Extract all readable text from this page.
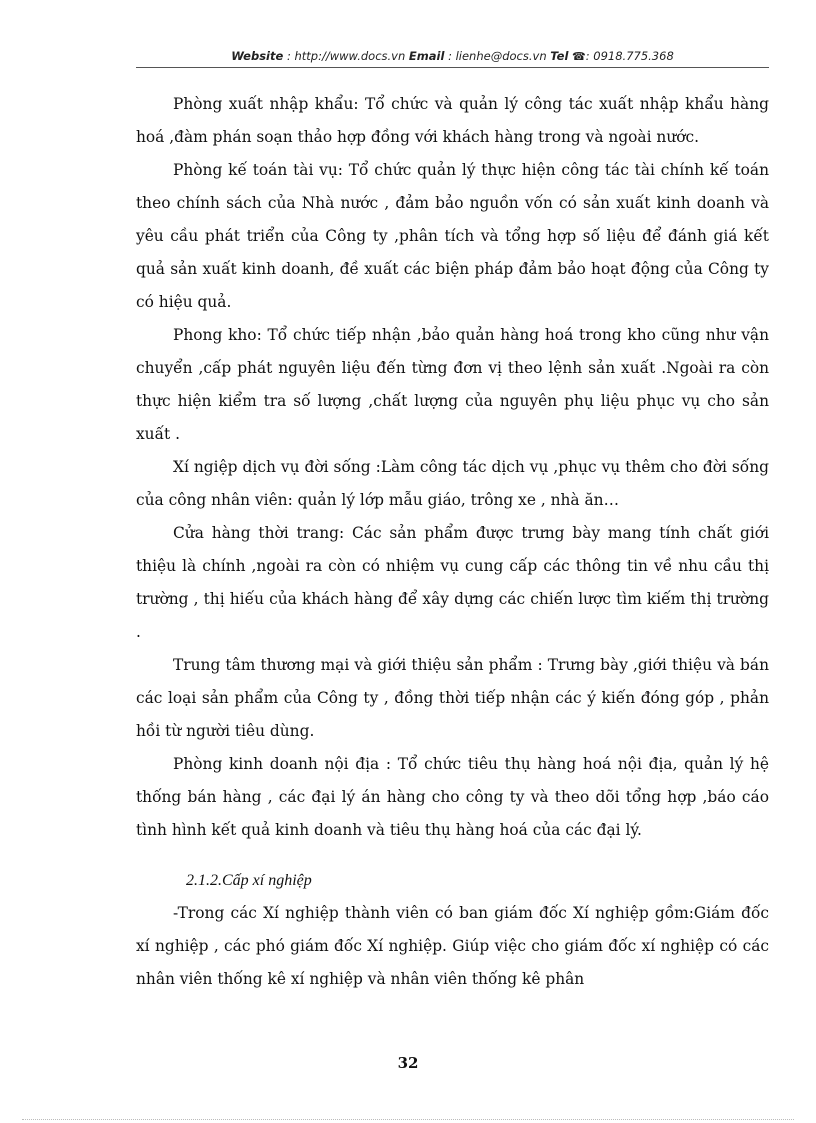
Website : http://www.docs.vn Email : lienhe@docs.vn Tel ☎: 0918.775.368

Phòng xuất nhập khẩu: Tổ chức và quản lý công tác xuất nhập khẩu hàng hoá ,đàm phán soạn thảo hợp đồng với khách hàng trong và ngoài nước.

Phòng kế toán tài vụ: Tổ chức quản lý thực hiện công tác tài chính kế toán theo chính sách của Nhà nước , đảm bảo nguồn vốn có sản xuất kinh doanh và yêu cầu phát triển của Công ty ,phân tích và tổng hợp số liệu để đánh giá kết quả sản xuất kinh doanh, đề xuất các biện pháp đảm bảo hoạt động của Công ty có hiệu quả.

Phong kho: Tổ chức tiếp nhận ,bảo quản hàng hoá trong kho cũng như vận chuyển ,cấp phát nguyên liệu đến từng đơn vị theo lệnh sản xuất .Ngoài ra còn thực hiện kiểm tra số lượng ,chất lượng của nguyên phụ liệu phục vụ cho sản xuất .

Xí ngiệp dịch vụ đời sống :Làm công tác dịch vụ ,phục vụ thêm cho đời sống của công nhân viên: quản lý lớp mẫu giáo, trông xe , nhà ăn…

Cửa hàng thời trang: Các sản phẩm được trưng bày mang tính chất giới thiệu là chính ,ngoài ra còn có nhiệm vụ cung cấp các thông tin về nhu cầu thị trường , thị hiếu của khách hàng để xây dựng các chiến lược tìm kiếm thị trường .

Trung tâm thương mại và giới thiệu sản phẩm : Trưng bày ,giới thiệu và bán các loại sản phẩm của Công ty , đồng thời tiếp nhận các ý kiến đóng góp , phản hồi từ người tiêu dùng.

Phòng kinh doanh nội địa : Tổ chức tiêu thụ hàng hoá nội địa, quản lý hệ thống bán hàng , các đại lý án hàng cho công ty và theo dõi tổng hợp ,báo cáo tình hình kết quả kinh doanh và tiêu thụ hàng hoá của các đại lý.

2.1.2.Cấp xí nghiệp

-Trong các Xí nghiệp thành viên có ban giám đốc Xí nghiệp gồm:Giám đốc xí nghiệp , các phó giám đốc Xí nghiệp. Giúp việc cho giám đốc xí nghiệp có các nhân viên thống kê xí nghiệp và nhân viên thống kê phân

32
